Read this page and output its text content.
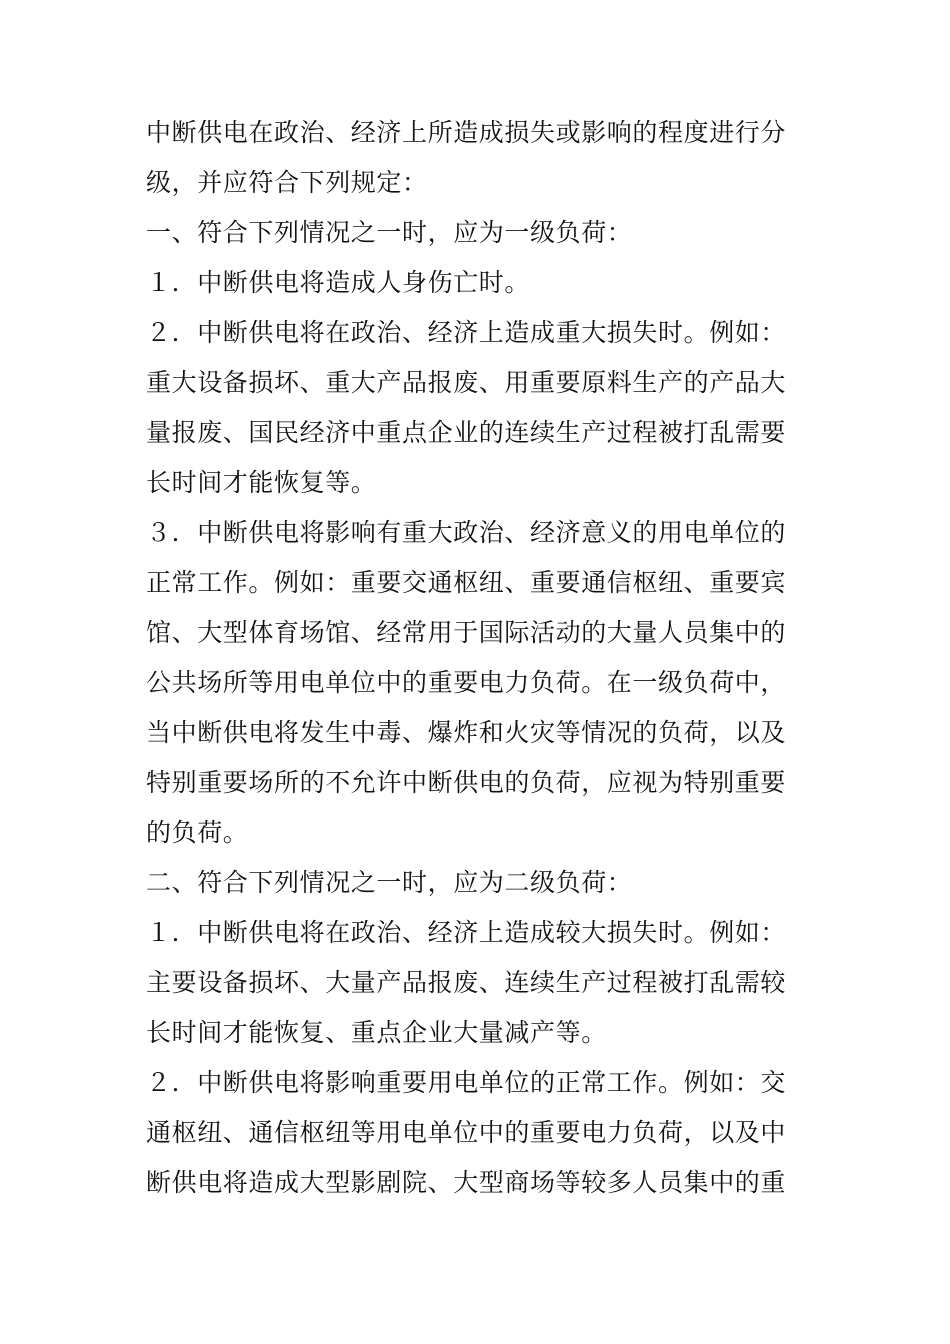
中断供电在政治、经济上所造成损失或影响的程度进行分级，并应符合下列规定：

一、符合下列情况之一时，应为一级负荷：

１．中断供电将造成人身伤亡时。

２．中断供电将在政治、经济上造成重大损失时。例如：重大设备损坏、重大产品报废、用重要原料生产的产品大量报废、国民经济中重点企业的连续生产过程被打乱需要长时间才能恢复等。

３．中断供电将影响有重大政治、经济意义的用电单位的正常工作。例如：重要交通枢纽、重要通信枢纽、重要宾馆、大型体育场馆、经常用于国际活动的大量人员集中的公共场所等用电单位中的重要电力负荷。在一级负荷中，当中断供电将发生中毒、爆炸和火灾等情况的负荷，以及特别重要场所的不允许中断供电的负荷，应视为特别重要的负荷。

二、符合下列情况之一时，应为二级负荷：

１．中断供电将在政治、经济上造成较大损失时。例如：主要设备损坏、大量产品报废、连续生产过程被打乱需较长时间才能恢复、重点企业大量减产等。

２．中断供电将影响重要用电单位的正常工作。例如：交通枢纽、通信枢纽等用电单位中的重要电力负荷，以及中断供电将造成大型影剧院、大型商场等较多人员集中的重
